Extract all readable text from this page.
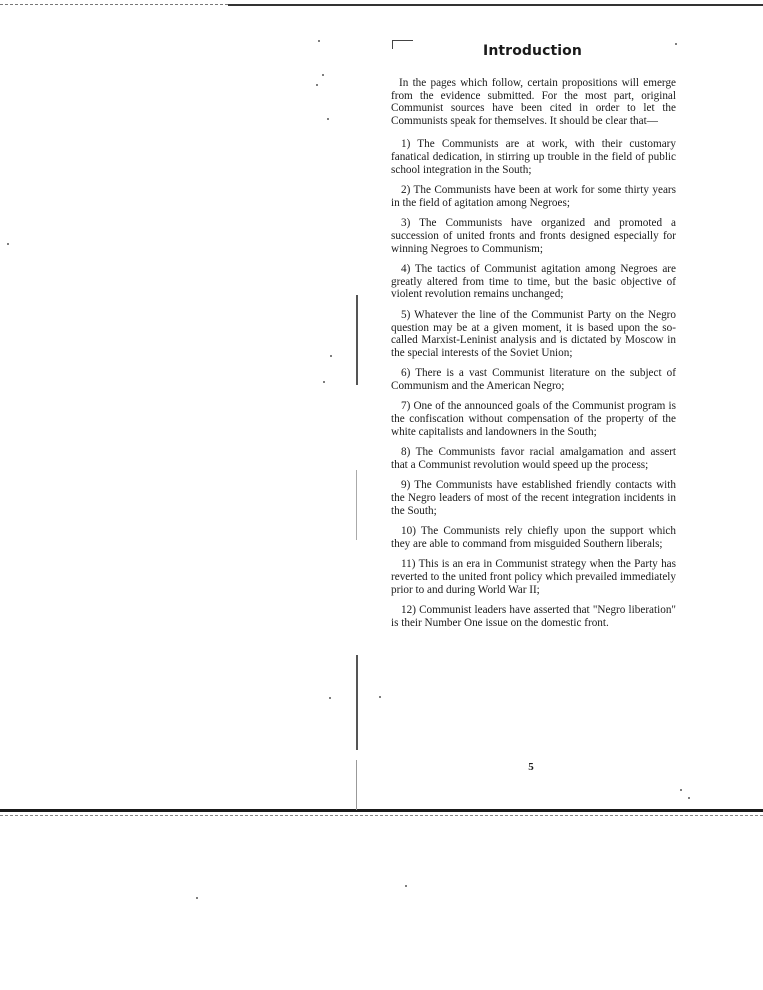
Introduction

In the pages which follow, certain propositions will emerge from the evidence submitted. For the most part, original Communist sources have been cited in order to let the Communists speak for themselves. It should be clear that—

1) The Communists are at work, with their customary fanatical dedication, in stirring up trouble in the field of public school integration in the South;

2) The Communists have been at work for some thirty years in the field of agitation among Negroes;

3) The Communists have organized and promoted a succession of united fronts and fronts designed especially for winning Negroes to Communism;

4) The tactics of Communist agitation among Negroes are greatly altered from time to time, but the basic objective of violent revolution remains unchanged;

5) Whatever the line of the Communist Party on the Negro question may be at a given moment, it is based upon the so-called Marxist-Leninist analysis and is dictated by Moscow in the special interests of the Soviet Union;

6) There is a vast Communist literature on the subject of Communism and the American Negro;

7) One of the announced goals of the Communist program is the confiscation without compensation of the property of the white capitalists and landowners in the South;

8) The Communists favor racial amalgamation and assert that a Communist revolution would speed up the process;

9) The Communists have established friendly contacts with the Negro leaders of most of the recent integration incidents in the South;

10) The Communists rely chiefly upon the support which they are able to command from misguided Southern liberals;

11) This is an era in Communist strategy when the Party has reverted to the united front policy which prevailed immediately prior to and during World War II;

12) Communist leaders have asserted that "Negro liberation" is their Number One issue on the domestic front.

5
